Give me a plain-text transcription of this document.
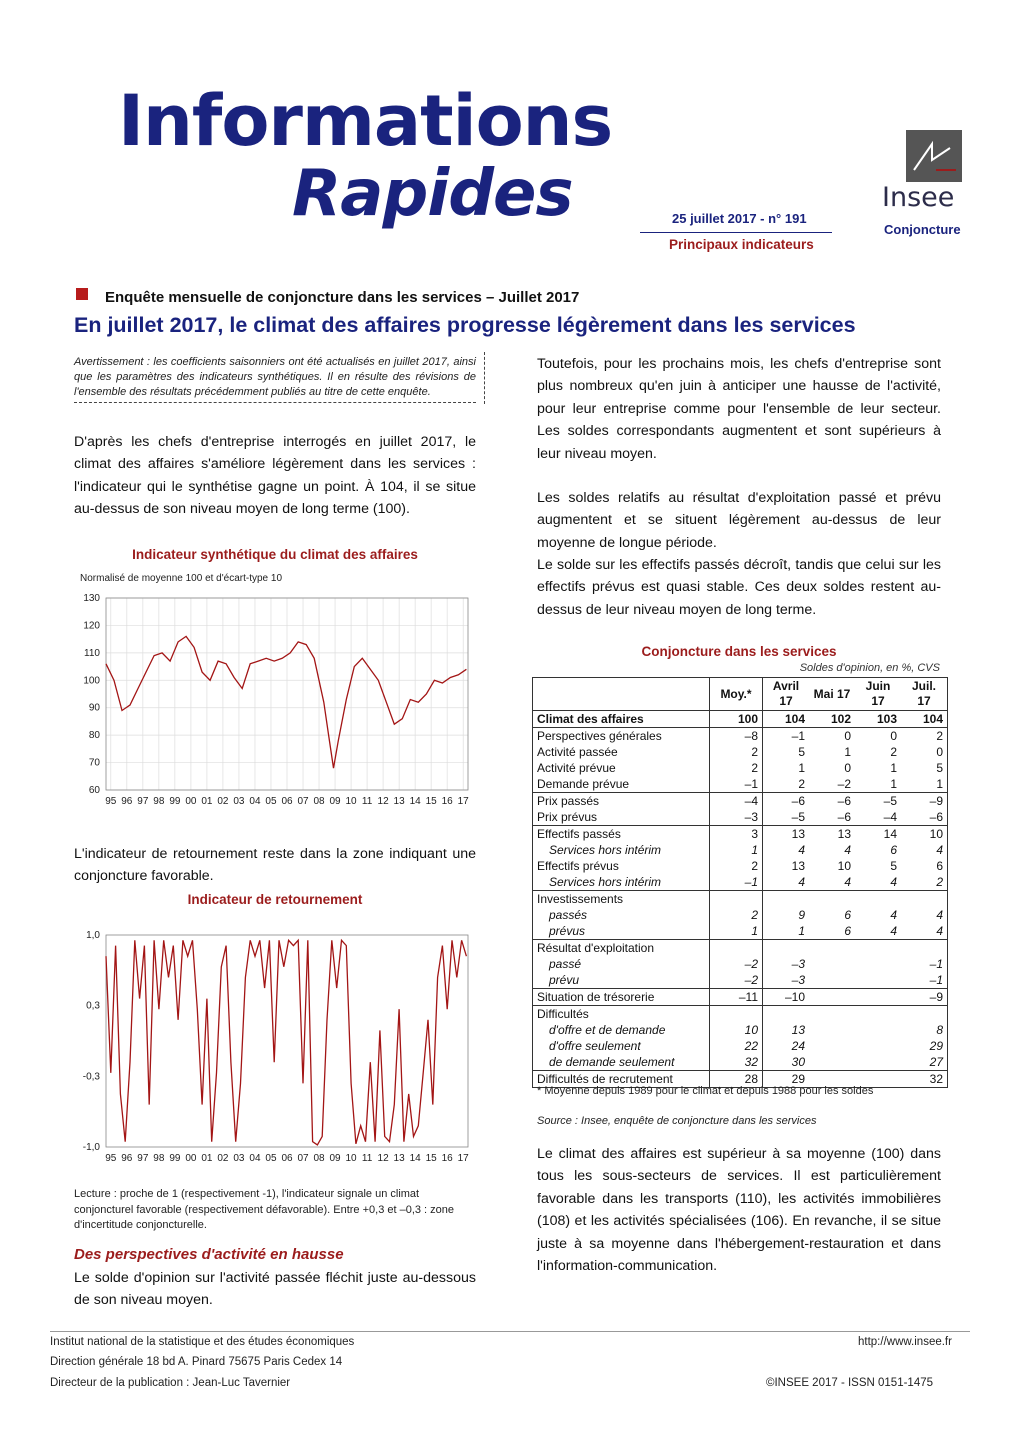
Informations
Rapides	25 juillet 2017 - n° 191
Principaux indicateurs
Insee
Conjoncture
Enquête mensuelle de conjoncture dans les services – Juillet 2017
En juillet 2017, le climat des affaires progresse légèrement dans les services
Avertissement : les coefficients saisonniers ont été actualisés en juillet 2017, ainsi que les paramètres des indicateurs synthétiques. Il en résulte des révisions de l'ensemble des résultats précédemment publiés au titre de cette enquête.
D'après les chefs d'entreprise interrogés en juillet 2017, le climat des affaires s'améliore légèrement dans les services : l'indicateur qui le synthétise gagne un point. À 104, il se situe au-dessus de son niveau moyen de long terme (100).
Indicateur synthétique du climat des affaires
Normalisé de moyenne 100 et d'écart-type 10
130
120
110
100
90
80
70
60
95 96 97 98 99 00 01 02 03 04 05 06 07 08 09 10 11 12 13 14 15 16 17
L'indicateur de retournement reste dans la zone indiquant une conjoncture favorable.
Indicateur de retournement
1,0
0,3
-0,3
-1,0
95 96 97 98 99 00 01 02 03 04 05 06 07 08 09 10 11 12 13 14 15 16 17
Lecture : proche de 1 (respectivement -1), l'indicateur signale un climat conjoncturel favorable (respectivement défavorable). Entre +0,3 et –0,3 : zone d'incertitude conjoncturelle.
Des perspectives d'activité en hausse
Le solde d'opinion sur l'activité passée fléchit juste au-dessous de son niveau moyen.
Toutefois, pour les prochains mois, les chefs d'entreprise sont plus nombreux qu'en juin à anticiper une hausse de l'activité, pour leur entreprise comme pour l'ensemble de leur secteur. Les soldes correspondants augmentent et sont supérieurs à leur niveau moyen.
Les soldes relatifs au résultat d'exploitation passé et prévu augmentent et se situent légèrement au-dessus de leur moyenne de longue période.
Le solde sur les effectifs passés décroît, tandis que celui sur les effectifs prévus est quasi stable. Ces deux soldes restent au-dessus de leur niveau moyen de long terme.
Conjoncture dans les services
Soldes d'opinion, en %, CVS
	Moy.*	Avril 17	Mai 17	Juin 17	Juil. 17
Climat des affaires	100	104	102	103	104
Perspectives générales	–8	–1	0	0	2
Activité passée	2	5	1	2	0
Activité prévue	2	1	0	1	5
Demande prévue	–1	2	–2	1	1
Prix passés	–4	–6	–6	–5	–9
Prix prévus	–3	–5	–6	–4	–6
Effectifs passés	3	13	13	14	10
Services hors intérim	1	4	4	6	4
Effectifs prévus	2	13	10	5	6
Services hors intérim	–1	4	4	4	2
Investissements					
passés	2	9	6	4	4
prévus	1	1	6	4	4
Résultat d'exploitation					
passé	–2	–3			–1
prévu	–2	–3			–1
Situation de trésorerie	–11	–10			–9
Difficultés					
d'offre et de demande	10	13			8
d'offre seulement	22	24			29
de demande seulement	32	30			27
Difficultés de recrutement	28	29			32
* Moyenne depuis 1989 pour le climat et depuis 1988 pour les soldes
Source : Insee, enquête de conjoncture dans les services
Le climat des affaires est supérieur à sa moyenne (100) dans tous les sous-secteurs de services. Il est particulièrement favorable dans les transports (110), les activités immobilières (108) et les activités spécialisées (106). En revanche, il se situe juste à sa moyenne dans l'hébergement-restauration et dans l'information-communication.
Institut national de la statistique et des études économiques
Direction générale 18 bd A. Pinard 75675 Paris Cedex 14
Directeur de la publication : Jean-Luc Tavernier
http://www.insee.fr
©INSEE 2017 - ISSN 0151-1475
